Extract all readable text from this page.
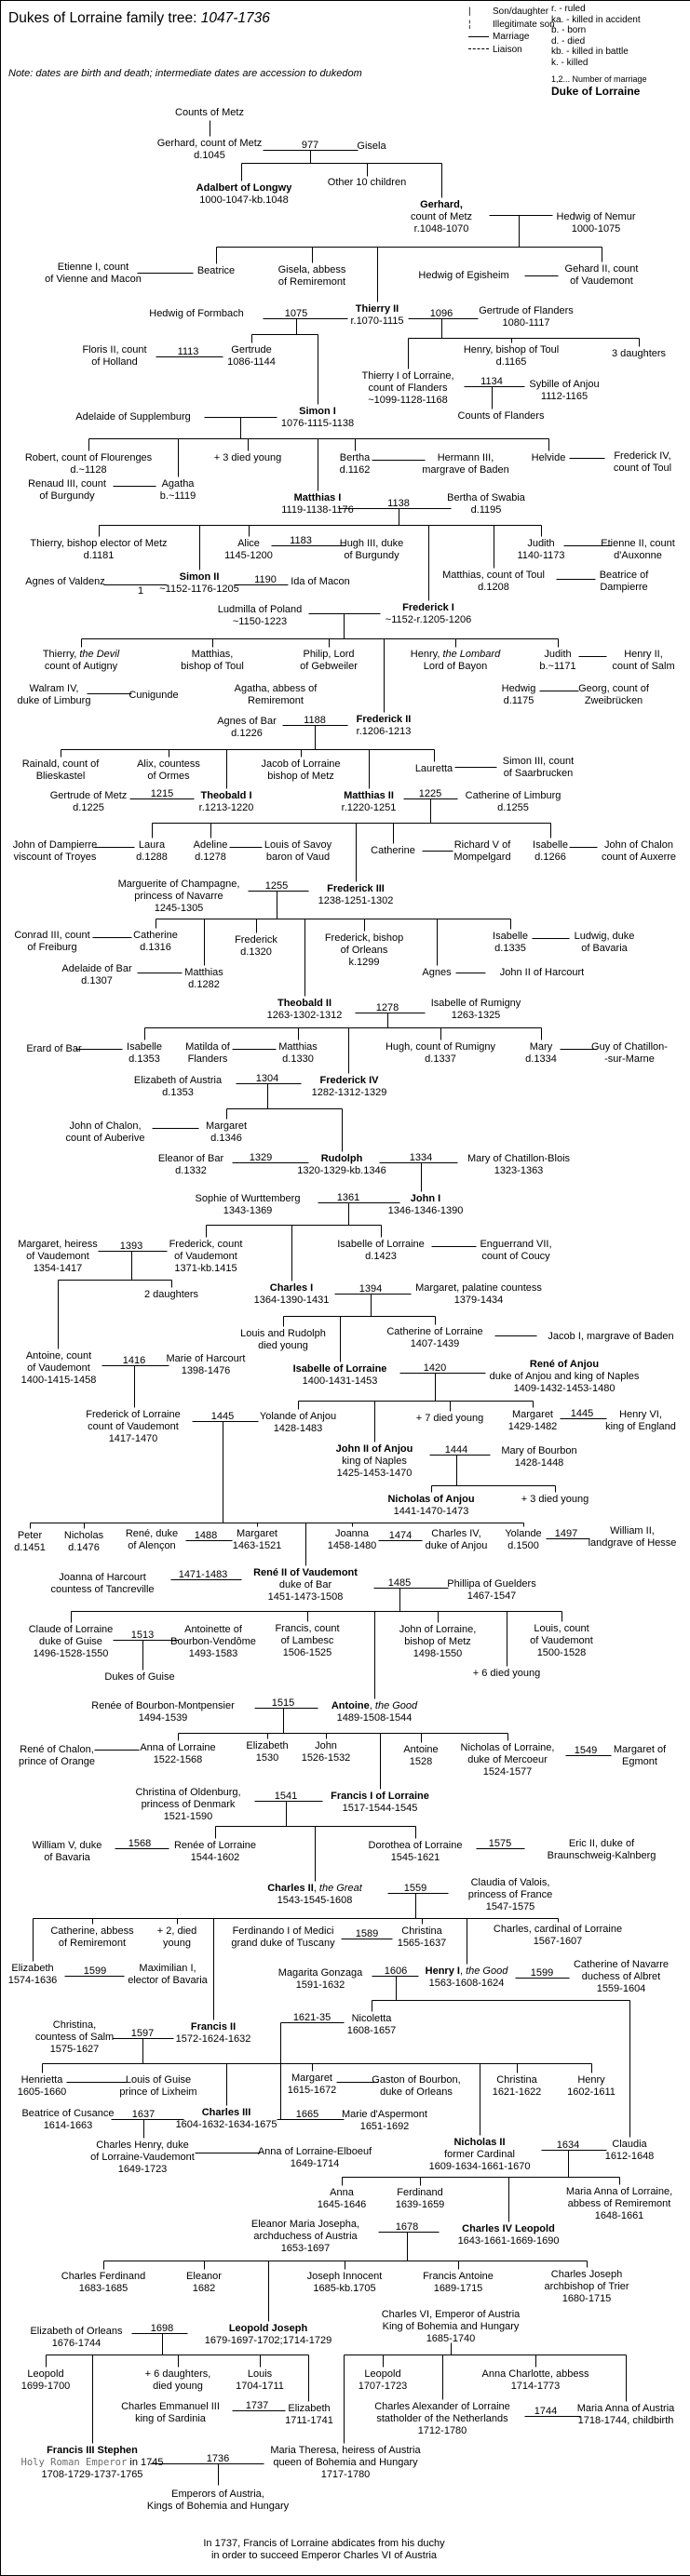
Dukes of Lorraine family tree: 1047-1736
Note: dates are birth and death; intermediate dates are accession to dukedom
| Son/daughter
¦ Illegitimate son
Marriage
Liaison
r. - ruled
ka. - killed in accident
b. - born
d. - died
kb. - killed in battle
k. - killed
1,2... Number of marriage
Duke of Lorraine
Counts of Metz
Gerhard, count of Metz
d.1045
977	Gisela
Other 10 children
Adalbert of Longwy
1000-1047-kb.1048	Gerhard,
count of Metz
r.1048-1070
Hedwig of Nemur
1000-1075
Etienne I, count
of Vienne and Macon
Beatrice	Gisela, abbess
of Remiremont
Hedwig of Egisheim
Gehard II, count
of Vaudemont
Hedwig of Formbach	1075	Thierry II
r.1070-1115
1096	Gertrude of Flanders
1080-1117
Floris II, count
of Holland
1113	Gertrude
1086-1144
Henry, bishop of Toul
d.1165
3 daughters
Thierry I of Lorraine,
count of Flanders
~1099-1128-1168
1134	Sybille of Anjou
1112-1165
Counts of Flanders
Adelaide of Supplemburg	Simon I
1076-1115-1138
Robert, count of Flourenges
d.~1128
+ 3 died young	Bertha
d.1162
Hermann III,
margrave of Baden
Helvide	Frederick IV,
count of Toul
Renaud III, count
of Burgundy
Agatha
b.~1119	Matthias I
1119-1138-1176
1138	Bertha of Swabia
d.1195
Thierry, bishop elector of Metz
d.1181
Alice
1145-1200
1183	Hugh III, duke
of Burgundy
Judith
1140-1173
Etienne II, count
d'Auxonne
Agnes of Valdenz
1
Simon II
~1152-1176-1205
1190 Ida of Macon
Matthias, count of Toul
d.1208
Beatrice of
Dampierre
Ludmilla of Poland
~1150-1223
Frederick I
~1152-r.1205-1206
Thierry, the Devil
count of Autigny
Matthias,
bishop of Toul
Philip, Lord
of Gebweiler
Henry, the Lombard
Lord of Bayon
Judith
b.~1171
Henry II,
count of Salm
Walram IV,
duke of Limburg	Cunigunde
Agatha, abbess of
Remiremont
Hedwig
d.1175
Georg, count of
Zweibrücken
Agnes of Bar
d.1226
1188	Frederick II
r.1206-1213
Rainald, count of
Blieskastel
Alix, countess
of Ormes
Jacob of Lorraine
bishop of Metz
Lauretta
Simon III, count
of Saarbrucken
Gertrude of Metz
d.1225
1215	Theobald I
r.1213-1220
Matthias II
r.1220-1251
1225 Catherine of Limburg
d.1255
John of Dampierre
viscount of Troyes
Laura
d.1288
Adeline
d.1278
Louis of Savoy
baron of Vaud
Catherine	Richard V of
Mompelgard
Isabelle
d.1266
John of Chalon
count of Auxerre
Marguerite of Champagne,
princess of Navarre
1245-1305
1255	Frederick III
1238-1251-1302
Conrad III, count
of Freiburg
Catherine
d.1316
Frederick
d.1320
Frederick, bishop
of Orleans
k.1299
Isabelle
d.1335
Ludwig, duke
of Bavaria
Adelaide of Bar
d.1307
Matthias
d.1282
Agnes	John II of Harcourt
Theobald II
1263-1302-1312
1278	Isabelle of Rumigny
1263-1325
Erard of Bar	Isabelle
d.1353
Matilda of
Flanders
Matthias
d.1330
Hugh, count of Rumigny
d.1337
Mary
d.1334
Guy of Chatillon-
-sur-Marne
Elizabeth of Austria
d.1353
1304	Frederick IV
1282-1312-1329
John of Chalon,
count of Auberive
Margaret
d.1346
Eleanor of Bar
d.1332
1329	Rudolph
1320-1329-kb.1346
1334	Mary of Chatillon-Blois
1323-1363
Sophie of Wurttemberg
1343-1369
1361	John I
1346-1346-1390
Margaret, heiress
of Vaudemont
1354-1417
1393	Frederick, count
of Vaudemont
1371-kb.1415
Isabelle of Lorraine
d.1423
Enguerrand VII,
count of Coucy
2 daughters
Charles I
1364-1390-1431
1394	Margaret, palatine countess
1379-1434
Louis and Rudolph
died young
Catherine of Lorraine
1407-1439
Jacob I, margrave of Baden
Antoine, count
of Vaudemont
1400-1415-1458
1416 Marie of Harcourt
1398-1476	Isabelle of Lorraine
1400-1431-1453
1420	René of Anjou
duke of Anjou and king of Naples
1409-1432-1453-1480
Frederick of Lorraine
count of Vaudemont
1417-1470
1445	Yolande of Anjou
1428-1483
+ 7 died young	Margaret
1429-1482
1445	Henry VI,
king of England
John II of Anjou
king of Naples
1425-1453-1470
1444	Mary of Bourbon
1428-1448
Nicholas of Anjou
1441-1470-1473
+ 3 died young
Peter
d.1451
Nicholas
d.1476
René, duke
of Alençon
1488	Margaret
1463-1521
Joanna
1458-1480
1474	Charles IV,
duke of Anjou
Yolande
d.1500
1497	William II,
landgrave of Hesse
Joanna of Harcourt
countess of Tancreville
1471-1483	René II of Vaudemont
duke of Bar
1451-1473-1508
1485	Phillipa of Guelders
1467-1547
Claude of Lorraine
duke of Guise
1496-1528-1550
1513	Antoinette of
Bourbon-Vendôme
1493-1583
Francis, count
of Lambesc
1506-1525
John of Lorraine,
bishop of Metz
1498-1550
Louis, count
of Vaudemont
1500-1528
+ 6 died young
Dukes of Guise
Renée of Bourbon-Montpensier
1494-1539
1515	Antoine, the Good
1489-1508-1544
René of Chalon,
prince of Orange
Anna of Lorraine
1522-1568
Elizabeth
1530
John
1526-1532
Antoine
1528
Nicholas of Lorraine,
duke of Mercoeur
1524-1577
1549 Margaret of
Egmont
Christina of Oldenburg,
princess of Denmark
1521-1590
1541	Francis I of Lorraine
1517-1544-1545
William V, duke
of Bavaria
1568 Renée of Lorraine
1544-1602
Dorothea of Lorraine
1545-1621
1575	Eric II, duke of
Braunschweig-Kalnberg
Charles II, the Great
1543-1545-1608
1559	Claudia of Valois,
princess of France
1547-1575
Catherine, abbess
of Remiremont
+ 2, died
young
Ferdinando I of Medici
grand duke of Tuscany
1589	Christina
1565-1637
Charles, cardinal of Lorraine
1567-1607
Elizabeth
1574-1636
1599	Maximilian I,
elector of Bavaria
Magarita Gonzaga
1591-1632
1606 Henry I, the Good
1563-1608-1624
1599
Catherine of Navarre
duchess of Albret
1559-1604
1621-35	Nicoletta
1608-1657
Christina,
countess of Salm
1575-1627
1597
Francis II
1572-1624-1632
Henrietta
1605-1660
Louis of Guise
prince of Lixheim
Margaret
1615-1672
Gaston of Bourbon,
duke of Orleans
Christina
1621-1622
Henry
1602-1611
Beatrice of Cusance
1614-1663
1637	Charles III
1604-1632-1634-1675
1665 Marie d'Aspermont
1651-1692
Charles Henry, duke
of Lorraine-Vaudemont
1649-1723
Anna of Lorraine-Elboeuf
1649-1714
Nicholas II
former Cardinal
1609-1634-1661-1670
1634	Claudia
1612-1648
Anna
1645-1646
Ferdinand
1639-1659
Maria Anna of Lorraine,
abbess of Remiremont
1648-1661
Eleanor Maria Josepha,
archduchess of Austria
1653-1697
1678	Charles IV Leopold
1643-1661-1669-1690
Charles Ferdinand
1683-1685
Eleanor
1682
Joseph Innocent
1685-kb.1705
Francis Antoine
1689-1715
Charles Joseph
archbishop of Trier
1680-1715
Charles VI, Emperor of Austria
King of Bohemia and Hungary
1685-1740
Elizabeth of Orleans
1676-1744
1698	Leopold Joseph
1679-1697-1702;1714-1729
Leopold
1699-1700
+ 6 daughters,
died young
Louis
1704-1711
Leopold
1707-1723
Anna Charlotte, abbess
1714-1773
Charles Emmanuel III
king of Sardinia
1737 Elizabeth
1711-1741
Charles Alexander of Lorraine
statholder of the Netherlands
1712-1780
1744 Maria Anna of Austria
1718-1744, childbirth
Francis III Stephen
Holy Roman Emperor in 1745
1708-1729-1737-1765
1736
Maria Theresa, heiress of Austria
queen of Bohemia and Hungary
1717-1780
Emperors of Austria,
Kings of Bohemia and Hungary
In 1737, Francis of Lorraine abdicates from his duchy
in order to succeed Emperor Charles VI of Austria
